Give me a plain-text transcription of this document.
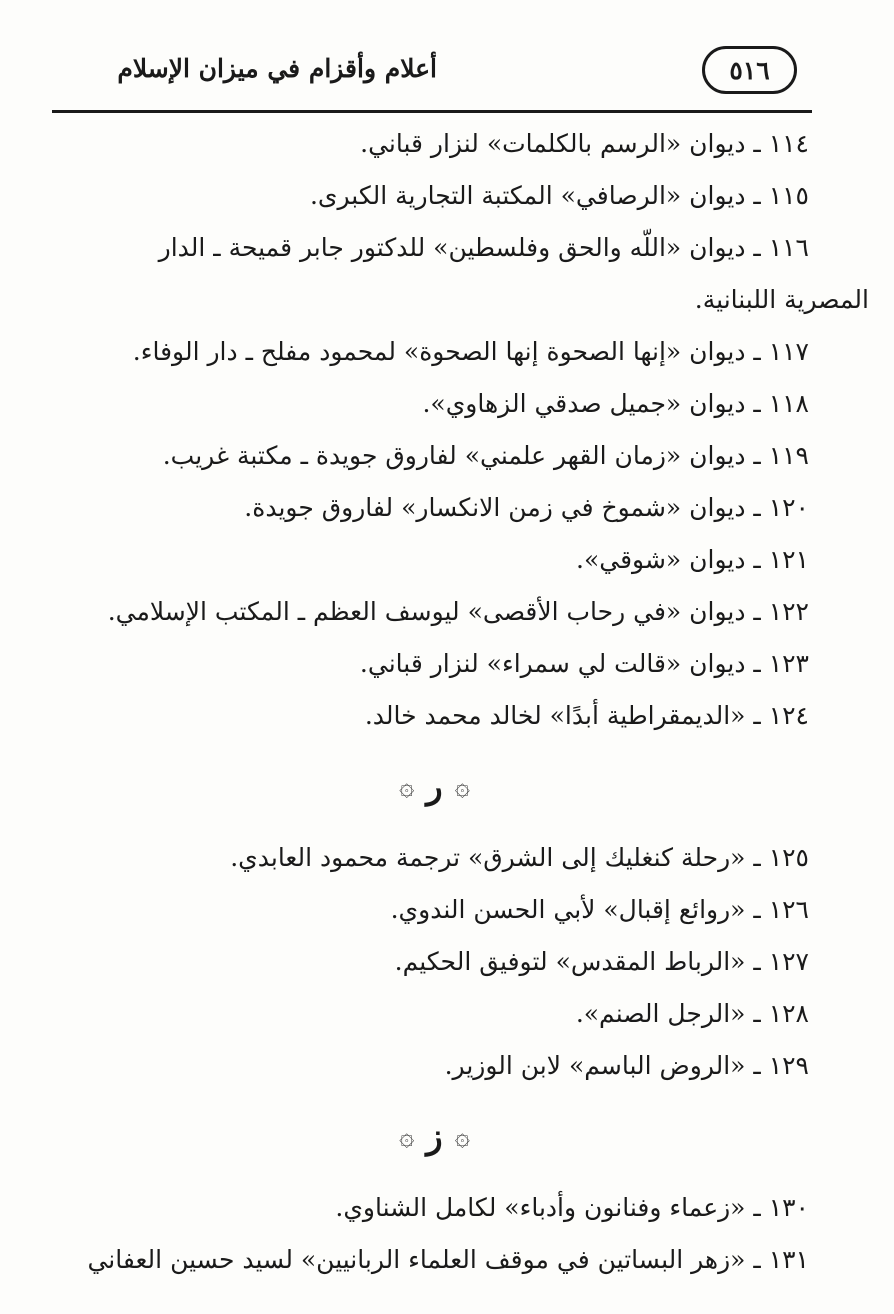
أعلام وأقزام في ميزان الإسلام	٥١٦

١١٤ ـ ديوان «الرسم بالكلمات» لنزار قباني.

١١٥ ـ ديوان «الرصافي» المكتبة التجارية الكبرى.

١١٦ ـ ديوان «اللّه والحق وفلسطين» للدكتور جابر قميحة ـ الدار
المصرية اللبنانية.

١١٧ ـ ديوان «إنها الصحوة إنها الصحوة» لمحمود مفلح ـ دار الوفاء.

١١٨ ـ ديوان «جميل صدقي الزهاوي».

١١٩ ـ ديوان «زمان القهر علمني» لفاروق جويدة ـ مكتبة غريب.

١٢٠ ـ ديوان «شموخ في زمن الانكسار» لفاروق جويدة.

١٢١ ـ ديوان «شوقي».

١٢٢ ـ ديوان «في رحاب الأقصى» ليوسف العظم ـ المكتب الإسلامي.

١٢٣ ـ ديوان «قالت لي سمراء» لنزار قباني.

١٢٤ ـ «الديمقراطية أبدًا» لخالد محمد خالد.

۞
ر
۞

١٢٥ ـ «رحلة كنغليك إلى الشرق» ترجمة محمود العابدي.

١٢٦ ـ «روائع إقبال» لأبي الحسن الندوي.

١٢٧ ـ «الرباط المقدس» لتوفيق الحكيم.

١٢٨ ـ «الرجل الصنم».

١٢٩ ـ «الروض الباسم» لابن الوزير.

۞
ز
۞

١٣٠ ـ «زعماء وفنانون وأدباء» لكامل الشناوي.

١٣١ ـ «زهر البساتين في موقف العلماء الربانيين» لسيد حسين العفاني
